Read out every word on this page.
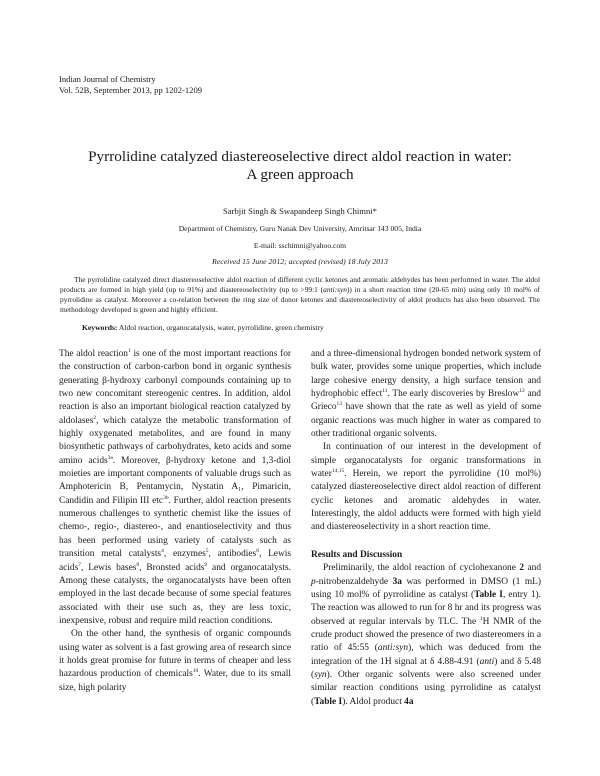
Indian Journal of Chemistry
Vol. 52B, September 2013, pp 1202-1209
Pyrrolidine catalyzed diastereoselective direct aldol reaction in water:
A green approach
Sarbjit Singh & Swapandeep Singh Chimni*
Department of Chemistry, Guru Nanak Dev University, Amritsar 143 005, India
E-mail: sschimni@yahoo.com
Received 15 June 2012; accepted (revised) 18 July 2013
The pyrrolidine catalyzed direct diastereoselective aldol reaction of different cyclic ketones and aromatic aldehydes has been performed in water. The aldol products are formed in high yield (up to 91%) and diastereoselectivity (up to >99:1 (anti:syn)) in a short reaction time (20-65 min) using only 10 mol% of pyrrolidine as catalyst. Moreover a co-relation between the ring size of donor ketones and diastereoselectivity of aldol products has also been observed. The methodology developed is green and highly efficient.
Keywords: Aldol reaction, organocatalysis, water, pyrrolidine, green chemistry

The aldol reaction$^1$ is one of the most important reactions for the construction of carbon-carbon bond in organic synthesis generating β-hydroxy carbonyl compounds containing up to two new concomitant stereogenic centres. In addition, aldol reaction is also an important biological reaction catalyzed by aldolases$^2$, which catalyze the metabolic transformation of highly oxygenated metabolites, and are found in many biosynthetic pathways of carbohydrates, keto acids and some amino acids$^{3a}$. Moreover, β-hydroxy ketone and 1,3-diol moieties are important components of valuable drugs such as Amphotericin B, Pentamycin, Nystatin A₁, Pimaricin, Candidin and Filipin III etc$^{3b}$. Further, aldol reaction presents numerous challenges to synthetic chemist like the issues of chemo-, regio-, diastereo-, and enantioselectivity and thus has been performed using variety of catalysts such as transition metal catalysts$^4$, enzymes$^5$, antibodies$^6$, Lewis acids$^7$, Lewis bases$^8$, Bronsted acids$^9$ and organocatalysts. Among these catalysts, the organocatalysts have been often employed in the last decade because of some special features associated with their use such as, they are less toxic, inexpensive, robust and require mild reaction conditions.

On the other hand, the synthesis of organic compounds using water as solvent is a fast growing area of research since it holds great promise for future in terms of cheaper and less hazardous production of chemicals$^{10}$. Water, due to its small size, high polarity

and a three-dimensional hydrogen bonded network system of bulk water, provides some unique properties, which include large cohesive energy density, a high surface tension and hydrophobic effect$^{11}$. The early discoveries by Breslow$^{12}$ and Grieco$^{13}$ have shown that the rate as well as yield of some organic reactions was much higher in water as compared to other traditional organic solvents.

In continuation of our interest in the development of simple organocatalysts for organic transformations in water$^{14,15}$. Herein, we report the pyrrolidine (10 mol%) catalyzed diastereoselective direct aldol reaction of different cyclic ketones and aromatic aldehydes in water. Interestingly, the aldol adducts were formed with high yield and diastereoselectivity in a short reaction time.

Results and Discussion

Preliminarily, the aldol reaction of cyclohexanone 2 and p-nitrobenzaldehyde 3a was performed in DMSO (1 mL) using 10 mol% of pyrrolidine as catalyst (Table I, entry 1). The reaction was allowed to run for 8 hr and its progress was observed at regular intervals by TLC. The $^1$H NMR of the crude product showed the presence of two diastereomers in a ratio of 45:55 (anti:syn), which was deduced from the integration of the 1H signal at δ 4.88-4.91 (anti) and δ 5.48 (syn). Other organic solvents were also screened under similar reaction conditions using pyrrolidine as catalyst (Table I). Aldol product 4a
